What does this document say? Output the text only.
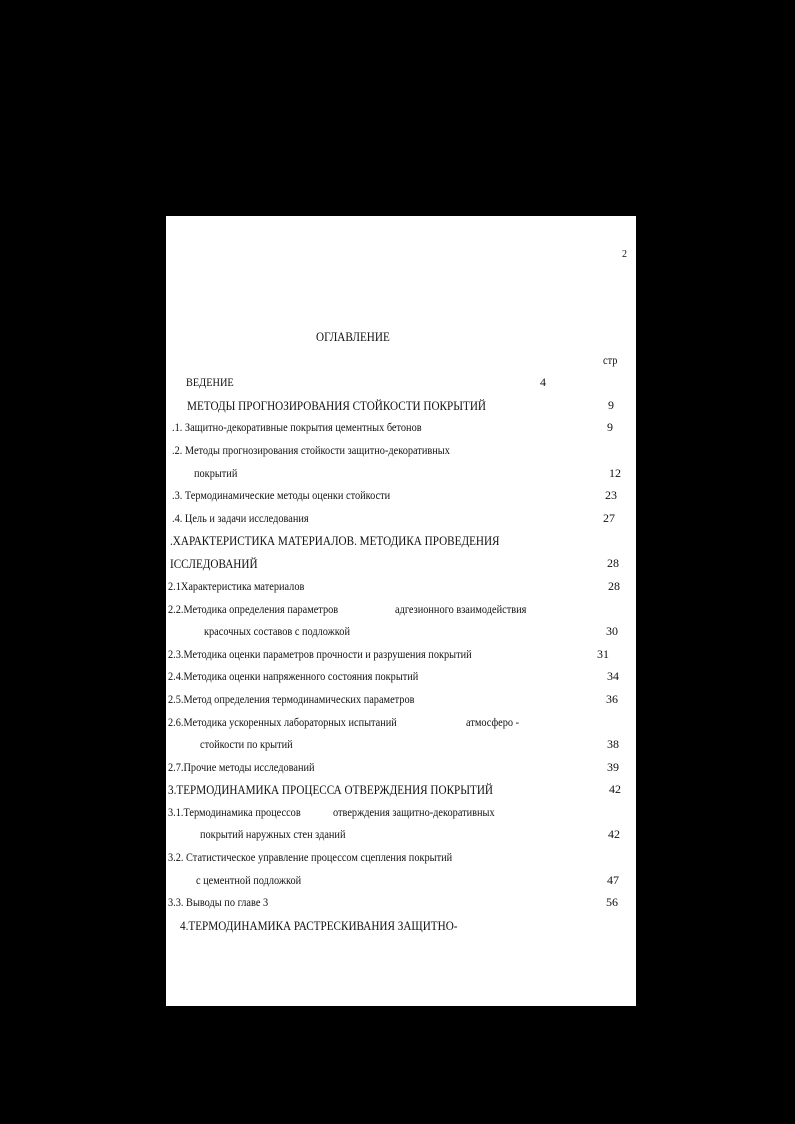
2
ОГЛАВЛЕНИЕ
стр
ВЕДЕНИЕ	4
МЕТОДЫ ПРОГНОЗИРОВАНИЯ СТОЙКОСТИ ПОКРЫТИЙ	9
.1. Защитно-декоративные покрытия цементных бетонов	9
.2. Методы прогнозирования стойкости защитно-декоративных
покрытий	12
.3. Термодинамические методы оценки стойкости	23
.4. Цель и задачи исследования	27
.ХАРАКТЕРИСТИКА МАТЕРИАЛОВ. МЕТОДИКА ПРОВЕДЕНИЯ
ІССЛЕДОВАНИЙ	28
2.1Характеристика материалов	28
2.2.Методика определения параметров	адгезионного взаимодействия
красочных составов с подложкой	30
2.3.Методика оценки параметров прочности и разрушения покрытий	31
2.4.Методика оценки напряженного состояния покрытий	34
2.5.Метод определения термодинамических параметров	36
2.6.Методика ускоренных лабораторных испытаний	атмосферо -
стойкости по крытий	38
2.7.Прочие методы исследований	39
3.ТЕРМОДИНАМИКА ПРОЦЕССА ОТВЕРЖДЕНИЯ ПОКРЫТИЙ	42
3.1.Термодинамика процессов	отверждения защитно-декоративных
покрытий наружных стен зданий	42
3.2. Статистическое управление процессом сцепления покрытий
с цементной подложкой	47
3.3. Выводы по главе 3	56
4.ТЕРМОДИНАМИКА РАСТРЕСКИВАНИЯ ЗАЩИТНО-
